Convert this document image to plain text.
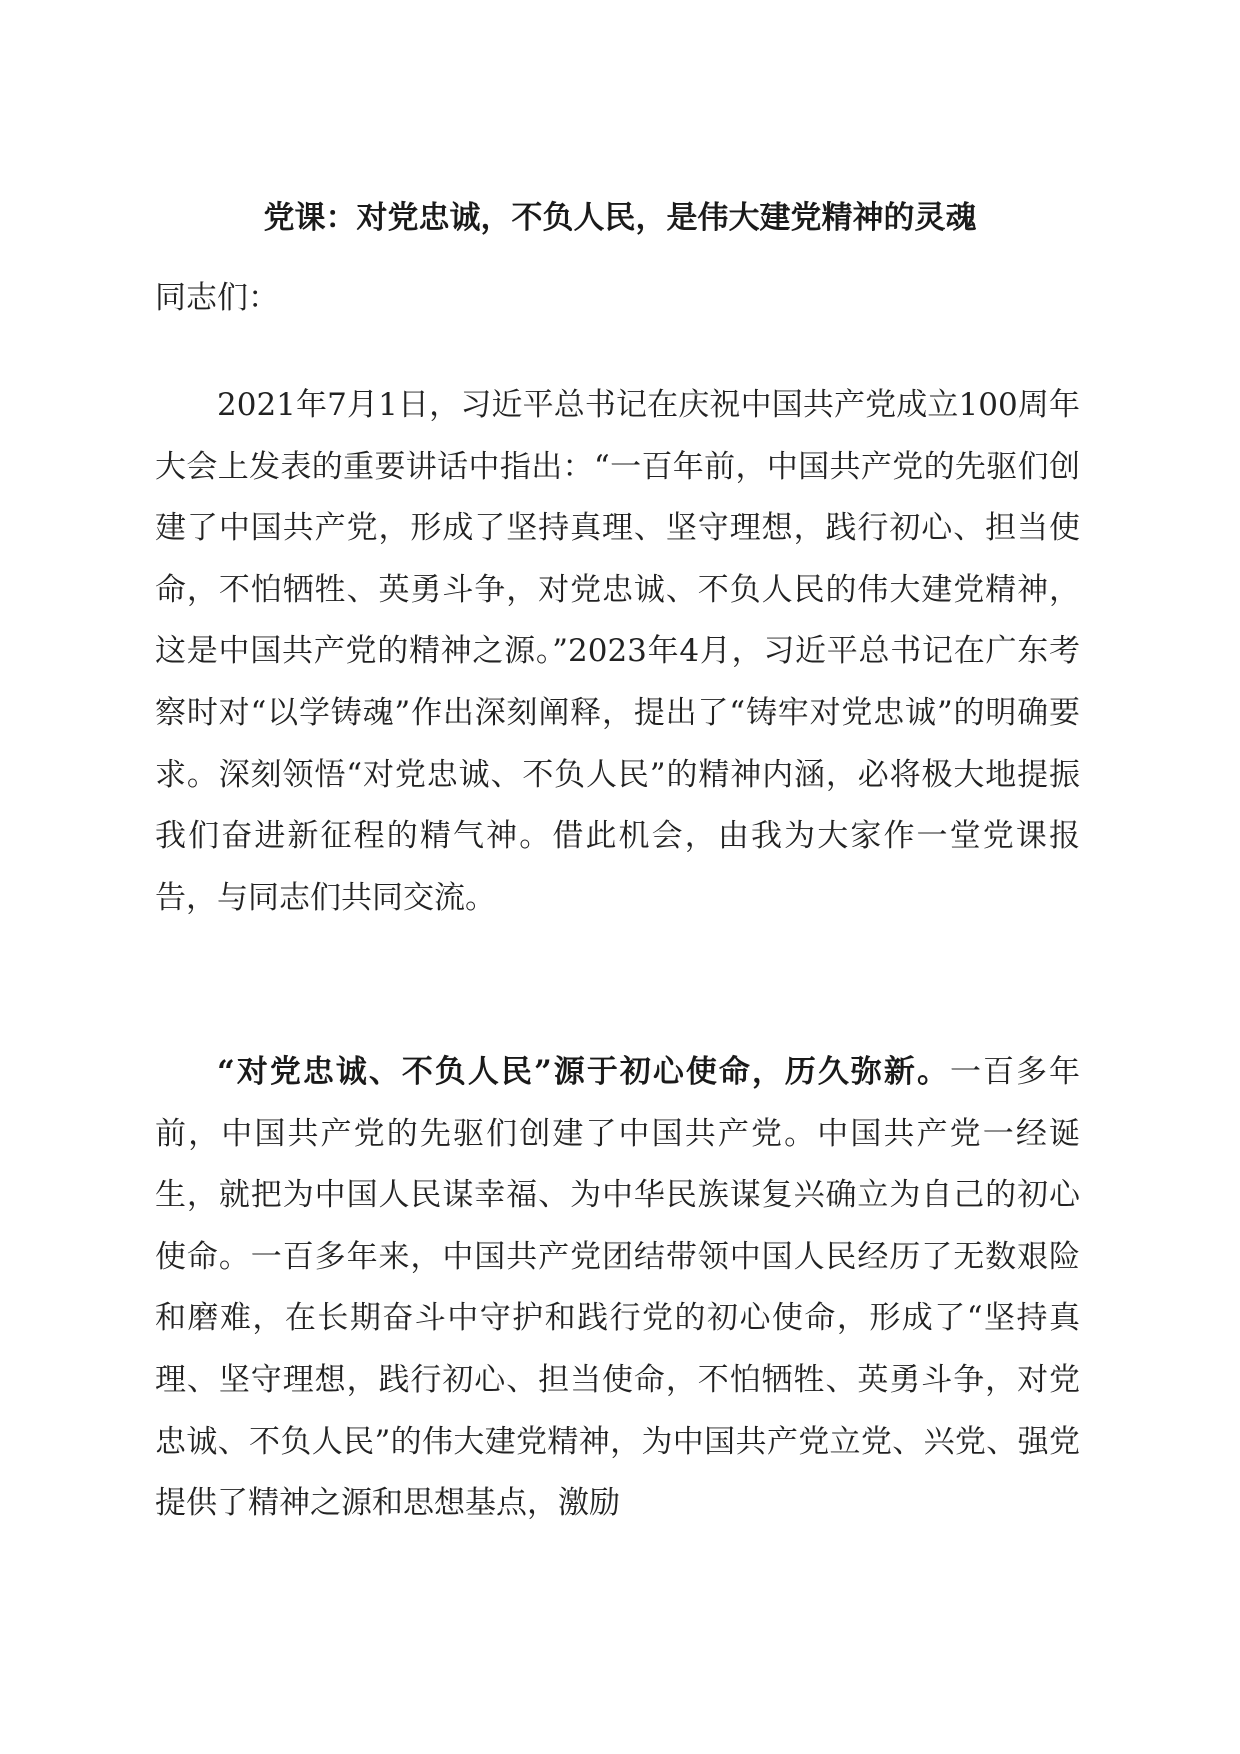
党课：对党忠诚，不负人民，是伟大建党精神的灵魂

同志们：

2021年7月1日，习近平总书记在庆祝中国共产党成立100周年大会上发表的重要讲话中指出：“一百年前，中国共产党的先驱们创建了中国共产党，形成了坚持真理、坚守理想，践行初心、担当使命，不怕牺牲、英勇斗争，对党忠诚、不负人民的伟大建党精神，这是中国共产党的精神之源。”2023年4月，习近平总书记在广东考察时对“以学铸魂”作出深刻阐释，提出了“铸牢对党忠诚”的明确要求。深刻领悟“对党忠诚、不负人民”的精神内涵，必将极大地提振我们奋进新征程的精气神。借此机会，由我为大家作一堂党课报告，与同志们共同交流。

“对党忠诚、不负人民”源于初心使命，历久弥新。一百多年前，中国共产党的先驱们创建了中国共产党。中国共产党一经诞生，就把为中国人民谋幸福、为中华民族谋复兴确立为自己的初心使命。一百多年来，中国共产党团结带领中国人民经历了无数艰险和磨难，在长期奋斗中守护和践行党的初心使命，形成了“坚持真理、坚守理想，践行初心、担当使命，不怕牺牲、英勇斗争，对党忠诚、不负人民”的伟大建党精神，为中国共产党立党、兴党、强党提供了精神之源和思想基点，激励
